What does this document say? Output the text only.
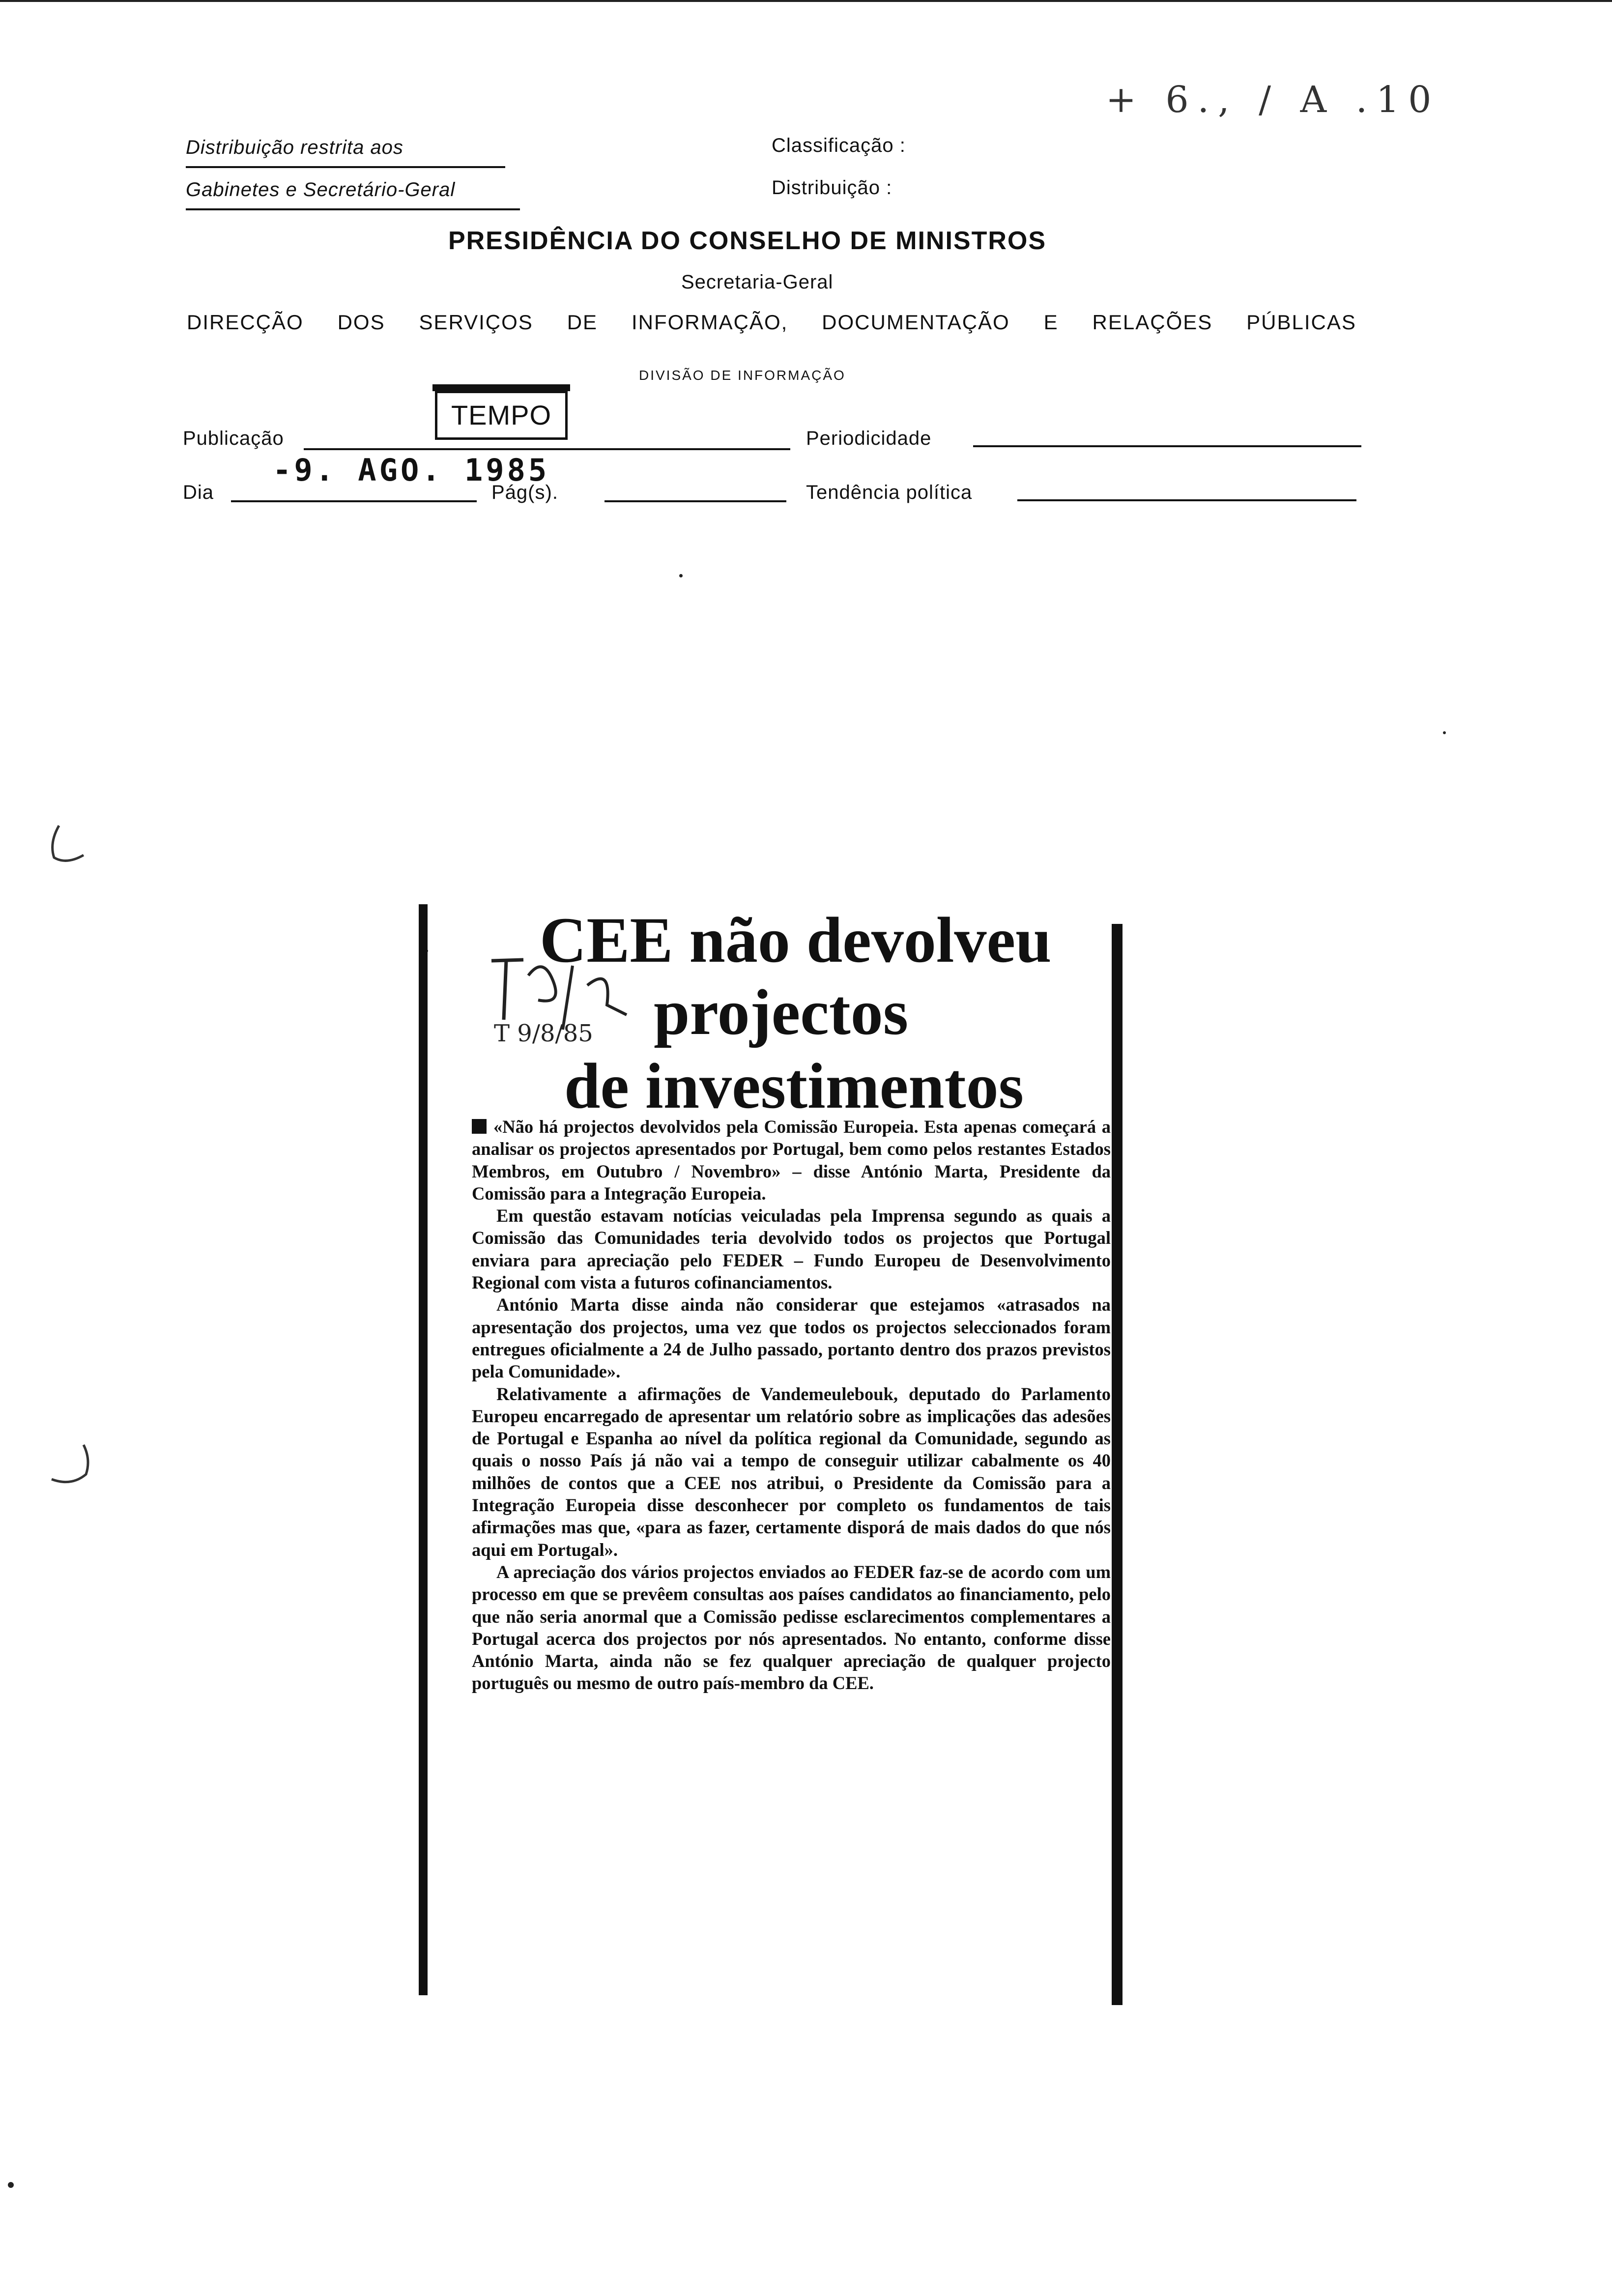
Distribuição restrita aos
Gabinetes e Secretário-Geral
Classificação :
Distribuição :
+ 6., / A .10
PRESIDÊNCIA DO CONSELHO DE MINISTROS
Secretaria-Geral
DIRECÇÃO DOS SERVIÇOS DE INFORMAÇÃO, DOCUMENTAÇÃO E RELAÇÕES PÚBLICAS
DIVISÃO DE INFORMAÇÃO
TEMPO
Publicação	Periodicidade
-9. AGO. 1985
Dia	Pág(s).	Tendência política
CEE não devolveu
projectos
de investimentos
T 9/8/85

«Não há projectos devolvidos pela Comissão Europeia. Esta apenas começará a analisar os projectos apresentados por Portugal, bem como pelos restantes Estados Membros, em Outubro / Novembro» – disse António Marta, Presidente da Comissão para a Integração Europeia.

Em questão estavam notícias veiculadas pela Imprensa segundo as quais a Comissão das Comunidades teria devolvido todos os projectos que Portugal enviara para apreciação pelo FEDER – Fundo Europeu de Desenvolvimento Regional com vista a futuros cofinanciamentos.

António Marta disse ainda não considerar que estejamos «atrasados na apresentação dos projectos, uma vez que todos os projectos seleccionados foram entregues oficialmente a 24 de Julho passado, portanto dentro dos prazos previstos pela Comunidade».

Relativamente a afirmações de Vandemeulebouk, deputado do Parlamento Europeu encarregado de apresentar um relatório sobre as implicações das adesões de Portugal e Espanha ao nível da política regional da Comunidade, segundo as quais o nosso País já não vai a tempo de conseguir utilizar cabalmente os 40 milhões de contos que a CEE nos atribui, o Presidente da Comissão para a Integração Europeia disse desconhecer por completo os fundamentos de tais afirmações mas que, «para as fazer, certamente disporá de mais dados do que nós aqui em Portugal».

A apreciação dos vários projectos enviados ao FEDER faz-se de acordo com um processo em que se prevêem consultas aos países candidatos ao financiamento, pelo que não seria anormal que a Comissão pedisse esclarecimentos complementares a Portugal acerca dos projectos por nós apresentados. No entanto, conforme disse António Marta, ainda não se fez qualquer apreciação de qualquer projecto português ou mesmo de outro país-membro da CEE.
